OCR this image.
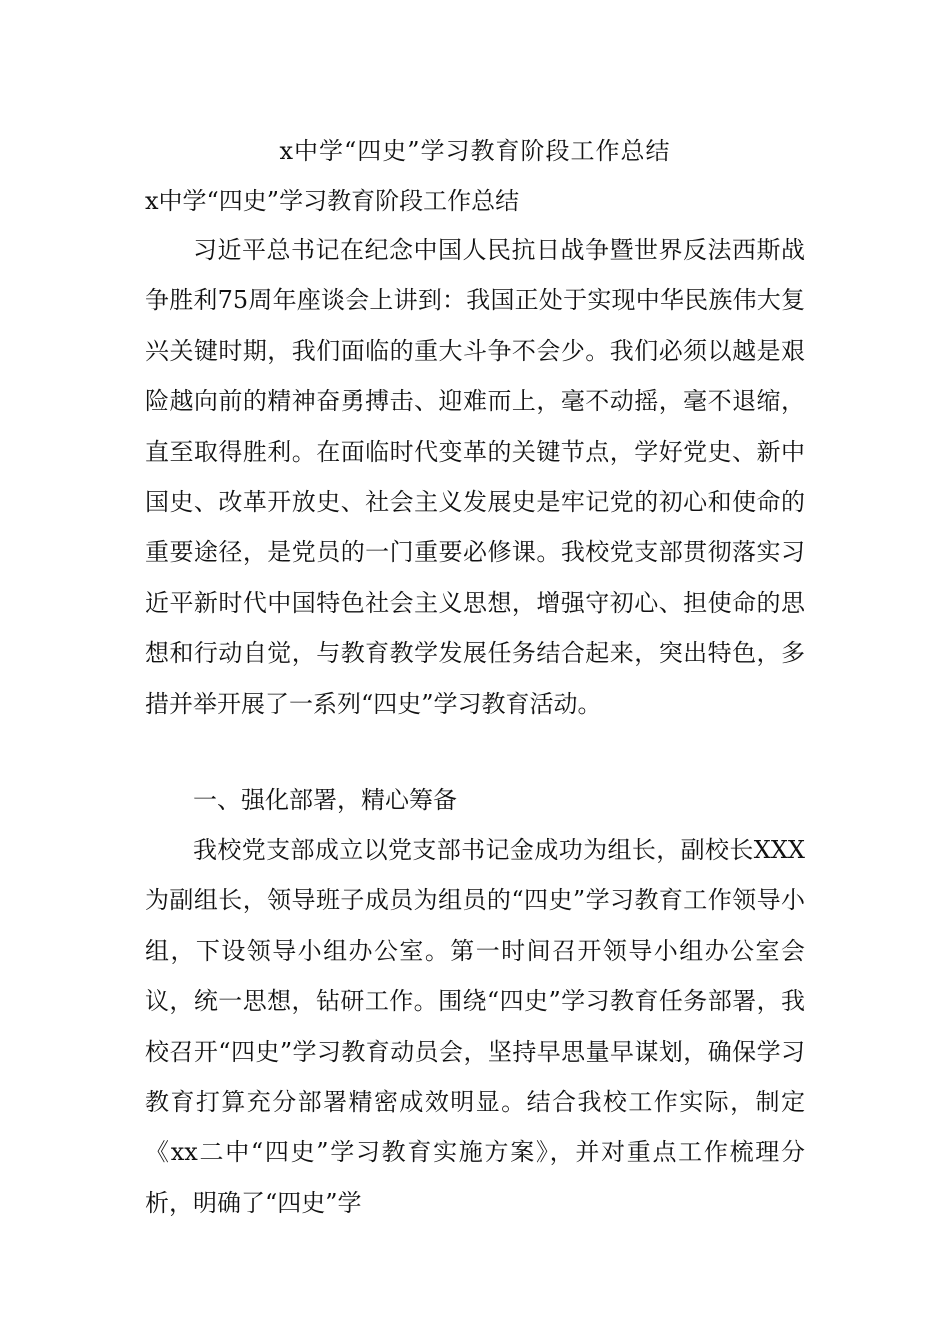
x中学“四史”学习教育阶段工作总结
x中学“四史”学习教育阶段工作总结

习近平总书记在纪念中国人民抗日战争暨世界反法西斯战争胜利75周年座谈会上讲到：我国正处于实现中华民族伟大复兴关键时期，我们面临的重大斗争不会少。我们必须以越是艰险越向前的精神奋勇搏击、迎难而上，毫不动摇，毫不退缩，直至取得胜利。在面临时代变革的关键节点，学好党史、新中国史、改革开放史、社会主义发展史是牢记党的初心和使命的重要途径，是党员的一门重要必修课。我校党支部贯彻落实习近平新时代中国特色社会主义思想，增强守初心、担使命的思想和行动自觉，与教育教学发展任务结合起来，突出特色，多措并举开展了一系列“四史”学习教育活动。

一、强化部署，精心筹备

我校党支部成立以党支部书记金成功为组长，副校长XXX为副组长，领导班子成员为组员的“四史”学习教育工作领导小组，下设领导小组办公室。第一时间召开领导小组办公室会议，统一思想，钻研工作。围绕“四史”学习教育任务部署，我校召开“四史”学习教育动员会，坚持早思量早谋划，确保学习教育打算充分部署精密成效明显。结合我校工作实际，制定《xx二中“四史”学习教育实施方案》，并对重点工作梳理分析，明确了“四史”学
